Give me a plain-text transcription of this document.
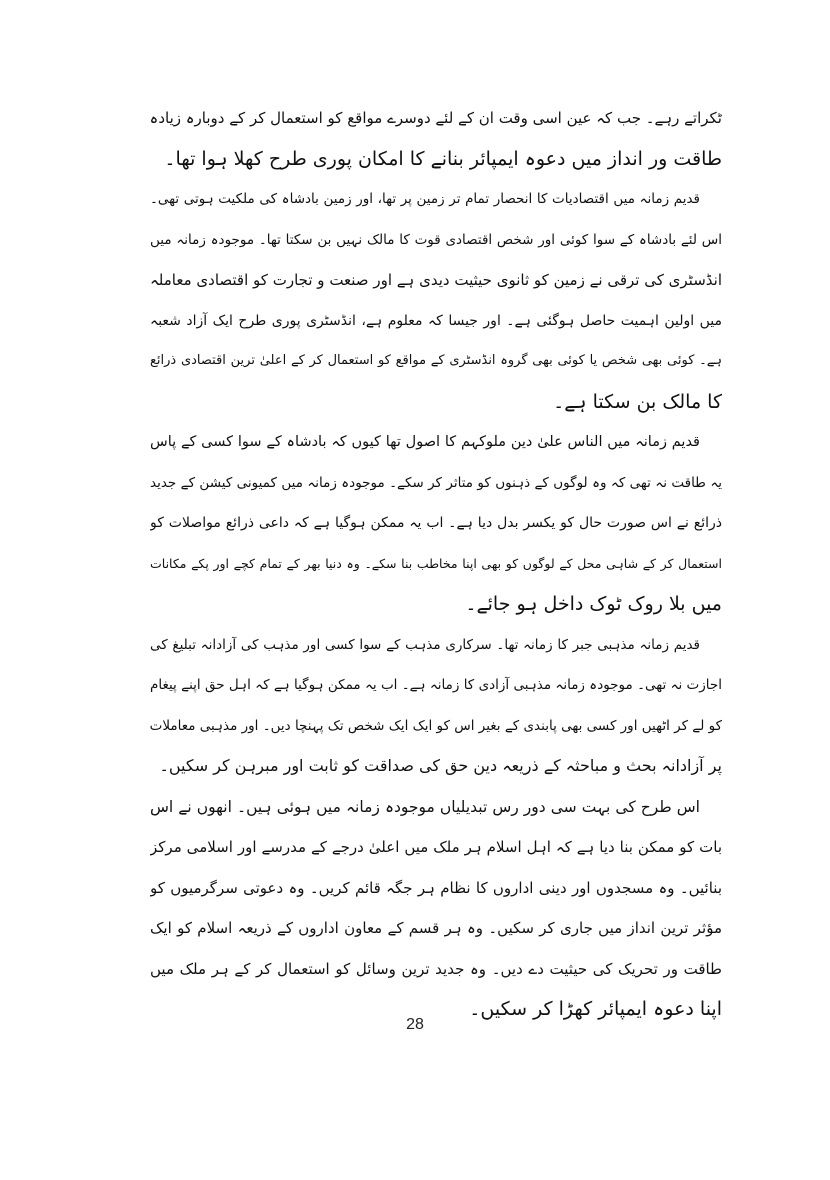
ٹکراتے رہے۔ جب کہ عین اسی وقت ان کے لئے دوسرے مواقع کو استعمال کر کے دوبارہ زیادہ
طاقت ور انداز میں دعوہ ایمپائر بنانے کا امکان پوری طرح کھلا ہوا تھا۔
قدیم زمانہ میں اقتصادیات کا انحصار تمام تر زمین پر تھا، اور زمین بادشاہ کی ملکیت ہوتی تھی۔
اس لئے بادشاہ کے سوا کوئی اور شخص اقتصادی قوت کا مالک نہیں بن سکتا تھا۔ موجودہ زمانہ میں
انڈسٹری کی ترقی نے زمین کو ثانوی حیثیت دیدی ہے اور صنعت و تجارت کو اقتصادی معاملہ
میں اولین اہمیت حاصل ہوگئی ہے۔ اور جیسا کہ معلوم ہے، انڈسٹری پوری طرح ایک آزاد شعبہ
ہے۔ کوئی بھی شخص یا کوئی بھی گروہ انڈسٹری کے مواقع کو استعمال کر کے اعلیٰ ترین اقتصادی ذرائع
کا مالک بن سکتا ہے۔
قدیم زمانہ میں الناس علیٰ دین ملوکہم کا اصول تھا کیوں کہ بادشاہ کے سوا کسی کے پاس
یہ طاقت نہ تھی کہ وہ لوگوں کے ذہنوں کو متاثر کر سکے۔ موجودہ زمانہ میں کمیونی کیشن کے جدید
ذرائع نے اس صورت حال کو یکسر بدل دیا ہے۔ اب یہ ممکن ہوگیا ہے کہ داعی ذرائع مواصلات کو
استعمال کر کے شاہی محل کے لوگوں کو بھی اپنا مخاطب بنا سکے۔ وہ دنیا بھر کے تمام کچے اور پکے مکانات
میں بلا روک ٹوک داخل ہو جائے۔
قدیم زمانہ مذہبی جبر کا زمانہ تھا۔ سرکاری مذہب کے سوا کسی اور مذہب کی آزادانہ تبلیغ کی
اجازت نہ تھی۔ موجودہ زمانہ مذہبی آزادی کا زمانہ ہے۔ اب یہ ممکن ہوگیا ہے کہ اہل حق اپنے پیغام
کو لے کر اٹھیں اور کسی بھی پابندی کے بغیر اس کو ایک ایک شخص تک پہنچا دیں۔ اور مذہبی معاملات
پر آزادانہ بحث و مباحثہ کے ذریعہ دین حق کی صداقت کو ثابت اور مبرہن کر سکیں۔
اس طرح کی بہت سی دور رس تبدیلیاں موجودہ زمانہ میں ہوئی ہیں۔ انھوں نے اس
بات کو ممکن بنا دیا ہے کہ اہل اسلام ہر ملک میں اعلیٰ درجے کے مدرسے اور اسلامی مرکز
بنائیں۔ وہ مسجدوں اور دینی اداروں کا نظام ہر جگہ قائم کریں۔ وہ دعوتی سرگرمیوں کو
مؤثر ترین انداز میں جاری کر سکیں۔ وہ ہر قسم کے معاون اداروں کے ذریعہ اسلام کو ایک
طاقت ور تحریک کی حیثیت دے دیں۔ وہ جدید ترین وسائل کو استعمال کر کے ہر ملک میں
اپنا دعوہ ایمپائر کھڑا کر سکیں۔
28
